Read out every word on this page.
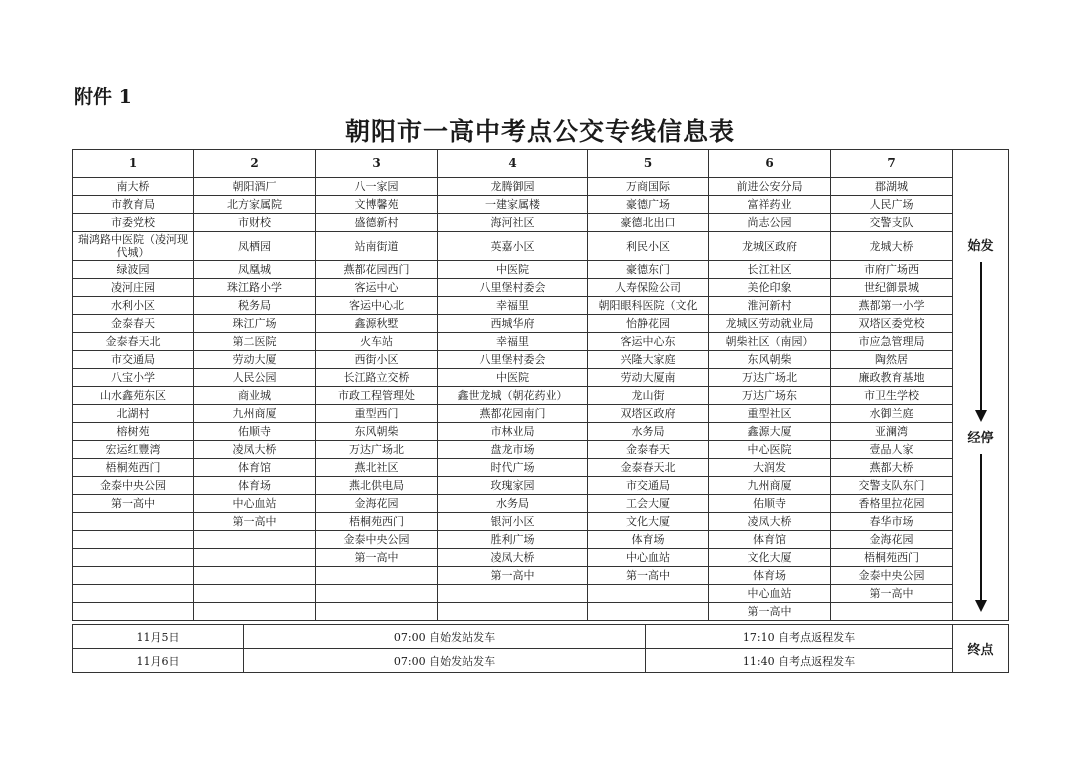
附件 1
朝阳市一高中考点公交专线信息表
1	2	3	4	5	6	7	始发
经停

南大桥	朝阳酒厂	八一家园	龙腾御园	万商国际	前进公安分局	郡湖城	
市教育局	北方家属院	文博馨苑	一建家属楼	豪德广场	富祥药业	人民广场	
市委党校	市财校	盛德新村	海河社区	豪德北出口	尚志公园	交警支队	
瑞鸿路中医院（凌河现代城）	凤栖园	站南街道	英嘉小区	利民小区	龙城区政府	龙城大桥	
绿波园	凤凰城	燕都花园西门	中医院	豪德东门	长江社区	市府广场西	
凌河庄园	珠江路小学	客运中心	八里堡村委会	人寿保险公司	美伦印象	世纪御景城	
水利小区	税务局	客运中心北	幸福里	朝阳眼科医院（文化	淮河新村	燕都第一小学	
金泰春天	珠江广场	鑫源秋墅	西城华府	怡静花园	龙城区劳动就业局	双塔区委党校	
金泰春天北	第二医院	火车站	幸福里	客运中心东	朝柴社区（南园）	市应急管理局	
市交通局	劳动大厦	西街小区	八里堡村委会	兴隆大家庭	东风朝柴	陶然居	
八宝小学	人民公园	长江路立交桥	中医院	劳动大厦南	万达广场北	廉政教育基地	
山水鑫苑东区	商业城	市政工程管理处	鑫世龙城（朝花药业）	龙山街	万达广场东	市卫生学校	
北湖村	九州商厦	重型西门	燕都花园南门	双塔区政府	重型社区	水御兰庭	
榕树苑	佑顺寺	东风朝柴	市林业局	水务局	鑫源大厦	亚澜湾	
宏运红豐湾	凌凤大桥	万达广场北	盘龙市场	金泰春天	中心医院	壹品人家	
梧桐苑西门	体育馆	燕北社区	时代广场	金泰春天北	大润发	燕都大桥	
金泰中央公园	体育场	燕北供电局	玫瑰家园	市交通局	九州商厦	交警支队东门	
第一高中	中心血站	金海花园	水务局	工会大厦	佑顺寺	香格里拉花园	
	第一高中	梧桐苑西门	银河小区	文化大厦	凌凤大桥	春华市场	
		金泰中央公园	胜利广场	体育场	体育馆	金海花园	
		第一高中	凌凤大桥	中心血站	文化大厦	梧桐苑西门	
			第一高中	第一高中	体育场	金泰中央公园	
					中心血站	第一高中	
					第一高中		
11月5日	07:00 自始发站发车	17:10 自考点返程发车	终点
11月6日	07:00 自始发站发车	11:40 自考点返程发车	
